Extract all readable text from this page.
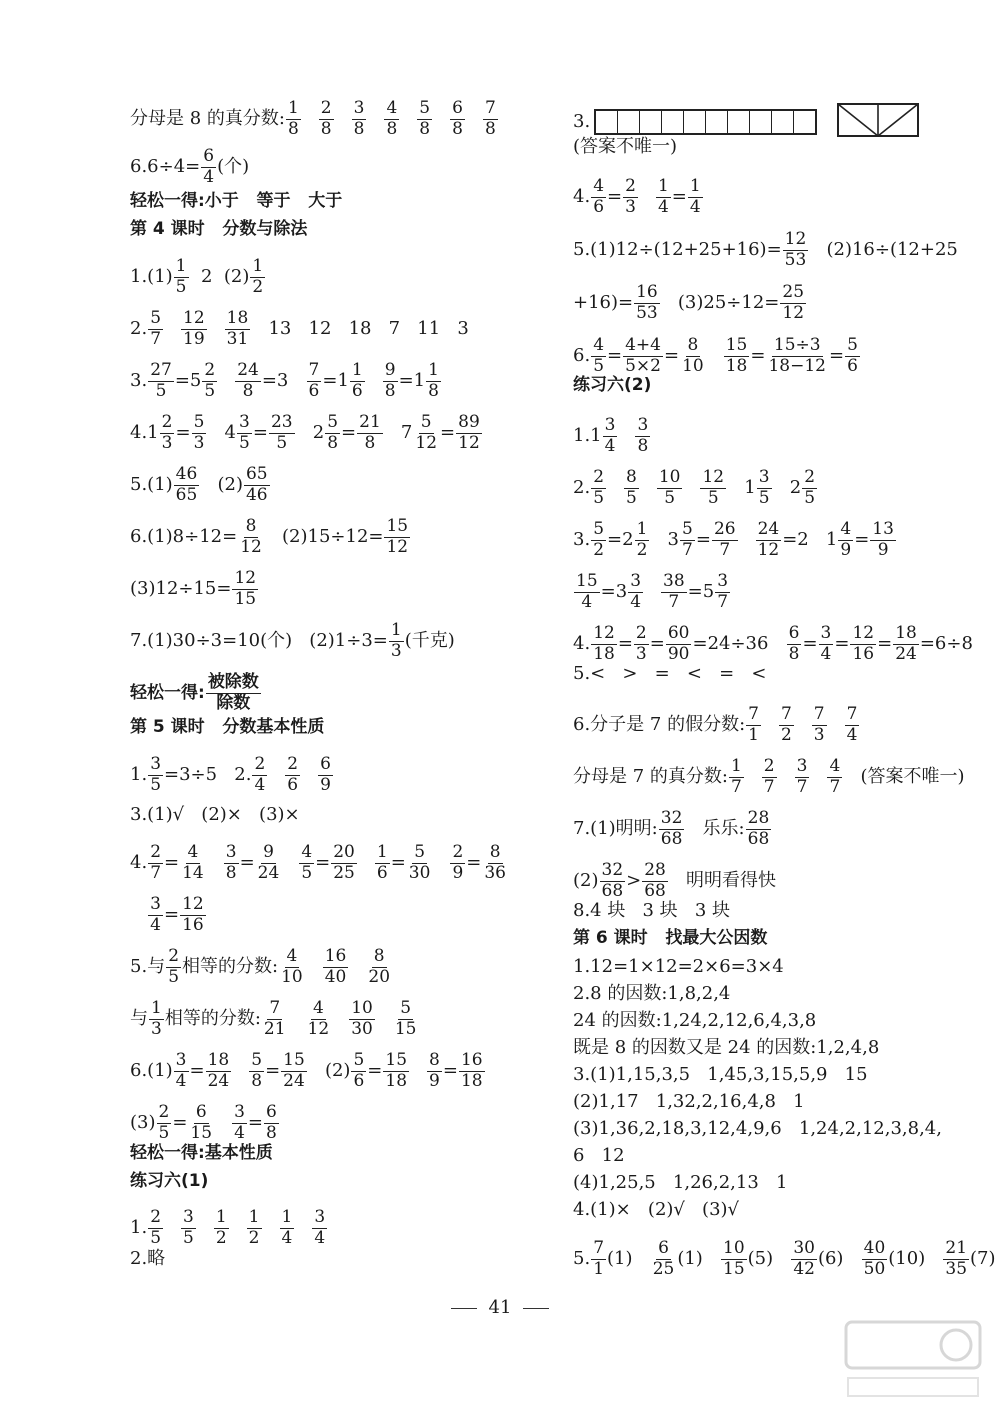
分母是 8 的真分数: $\frac{1}{8} \frac{2}{8} \frac{3}{8} \frac{4}{8} \frac{5}{8} \frac{6}{8} \frac{7}{8}$
$6.6\div 4= \frac{6}{4}$ (个)
轻松一得:小于   等于   大于
第 4 课时   分数与除法
$1.(1) \frac{1}{5} 2$  $(2) \frac{1}{2}$
2. $\frac{5}{7} \frac{12}{19} \frac{18}{31} 13$   12   18   7   11   3
3. $\frac{27}{5} =5 \frac{2}{5} \frac{24}{8} =3 \frac{7}{6} =1 \frac{1}{6} \frac{9}{8} =1 \frac{1}{8}$
$4.1 \frac{2}{3} = \frac{5}{3} 4 \frac{3}{5} = \frac{23}{5} 2 \frac{5}{8} = \frac{21}{8} 7 \frac{5}{12} = \frac{89}{12}$
$5.(1) \frac{46}{65} (2) \frac{65}{46}$
$6.(1)8\div 12= \frac{8}{12} (2)15\div 12= \frac{15}{12}$
$(3)12\div 15= \frac{12}{15}$
7.(1)30÷3=10(个)   $(2)1\div 3= \frac{1}{3}$ (千克)
轻松一得:
被除数
除数
第 5 课时   分数基本性质
1. $\frac{3}{5} =3\div 5$   2. $\frac{2}{4} \frac{2}{6} \frac{6}{9}$
3.(1)√   (2)×   (3)×
4. $\frac{2}{7} = \frac{4}{14} \frac{3}{8} = \frac{9}{24} \frac{4}{5} = \frac{20}{25} \frac{1}{6} = \frac{5}{30} \frac{2}{9} = \frac{8}{36}$

$\frac{3}{4} = \frac{12}{16}$
5.与 $\frac{2}{5}$ 相等的分数: $\frac{4}{10} \frac{16}{40} \frac{8}{20}$
与 $\frac{1}{3}$ 相等的分数: $\frac{7}{21} \frac{4}{12} \frac{10}{30} \frac{5}{15}$
$6.(1) \frac{3}{4} = \frac{18}{24} \frac{5}{8} = \frac{15}{24} (2) \frac{5}{6} = \frac{15}{18} \frac{8}{9} = \frac{16}{18}$
$(3) \frac{2}{5} = \frac{6}{15} \frac{3}{4} = \frac{6}{8}$
轻松一得:基本性质
练习六(1)
1. $\frac{2}{5} \frac{3}{5} \frac{1}{2} \frac{1}{2} \frac{1}{4} \frac{3}{4}$
2.略
3.
(答案不唯一)
4. $\frac{4}{6} = \frac{2}{3} \frac{1}{4} = \frac{1}{4}$
$5.(1)12\div(12+25+16)= \frac{12}{53} (2)16\div(12+25$
$+16)= \frac{16}{53} (3)25\div 12= \frac{25}{12}$
6. $\frac{4}{5} = \frac{4+4}{5\times 2} = \frac{8}{10} \frac{15}{18} = \frac{15\div 3}{18-12} = \frac{5}{6}$
练习六(2)
$1.1 \frac{3}{4} \frac{3}{8}$
2. $\frac{2}{5} \frac{8}{5} \frac{10}{5} \frac{12}{5} 1 \frac{3}{5} 2 \frac{2}{5}$
3. $\frac{5}{2} =2 \frac{1}{2} 3 \frac{5}{7} = \frac{26}{7} \frac{24}{12} =2$   $1 \frac{4}{9} = \frac{13}{9}$
$\frac{15}{4} =3 \frac{3}{4} \frac{38}{7} =5 \frac{3}{7}$
4. $\frac{12}{18} = \frac{2}{3} = \frac{60}{90} =24\div 36 \frac{6}{8} = \frac{3}{4} = \frac{12}{16} = \frac{18}{24} =6\div 8$
5.<   >   =   <   =   <
6.分子是 7 的假分数: $\frac{7}{1} \frac{7}{2} \frac{7}{3} \frac{7}{4}$
分母是 7 的真分数: $\frac{1}{7} \frac{2}{7} \frac{3}{7} \frac{4}{7}$ (答案不唯一)
7.(1)明明: $\frac{32}{68}$ 乐乐: $\frac{28}{68}$
$(2) \frac{32}{68} > \frac{28}{68}$ 明明看得快
8.4 块   3 块   3 块
第 6 课时   找最大公因数
1.12=1×12=2×6=3×4
2.8 的因数:1,8,2,4
24 的因数:1,24,2,12,6,4,3,8
既是 8 的因数又是 24 的因数:1,2,4,8
3.(1)1,15,3,5   1,45,3,15,5,9   15
(2)1,17   1,32,2,16,4,8   1
(3)1,36,2,18,3,12,4,9,6   1,24,2,12,3,8,4,
6   12
(4)1,25,5   1,26,2,13   1
4.(1)×   (2)√   (3)√
5. $\frac{7}{1} (1) \frac{6}{25} (1) \frac{10}{15} (5) \frac{30}{42} (6) \frac{40}{50} (10) \frac{21}{35} (7)$
41
